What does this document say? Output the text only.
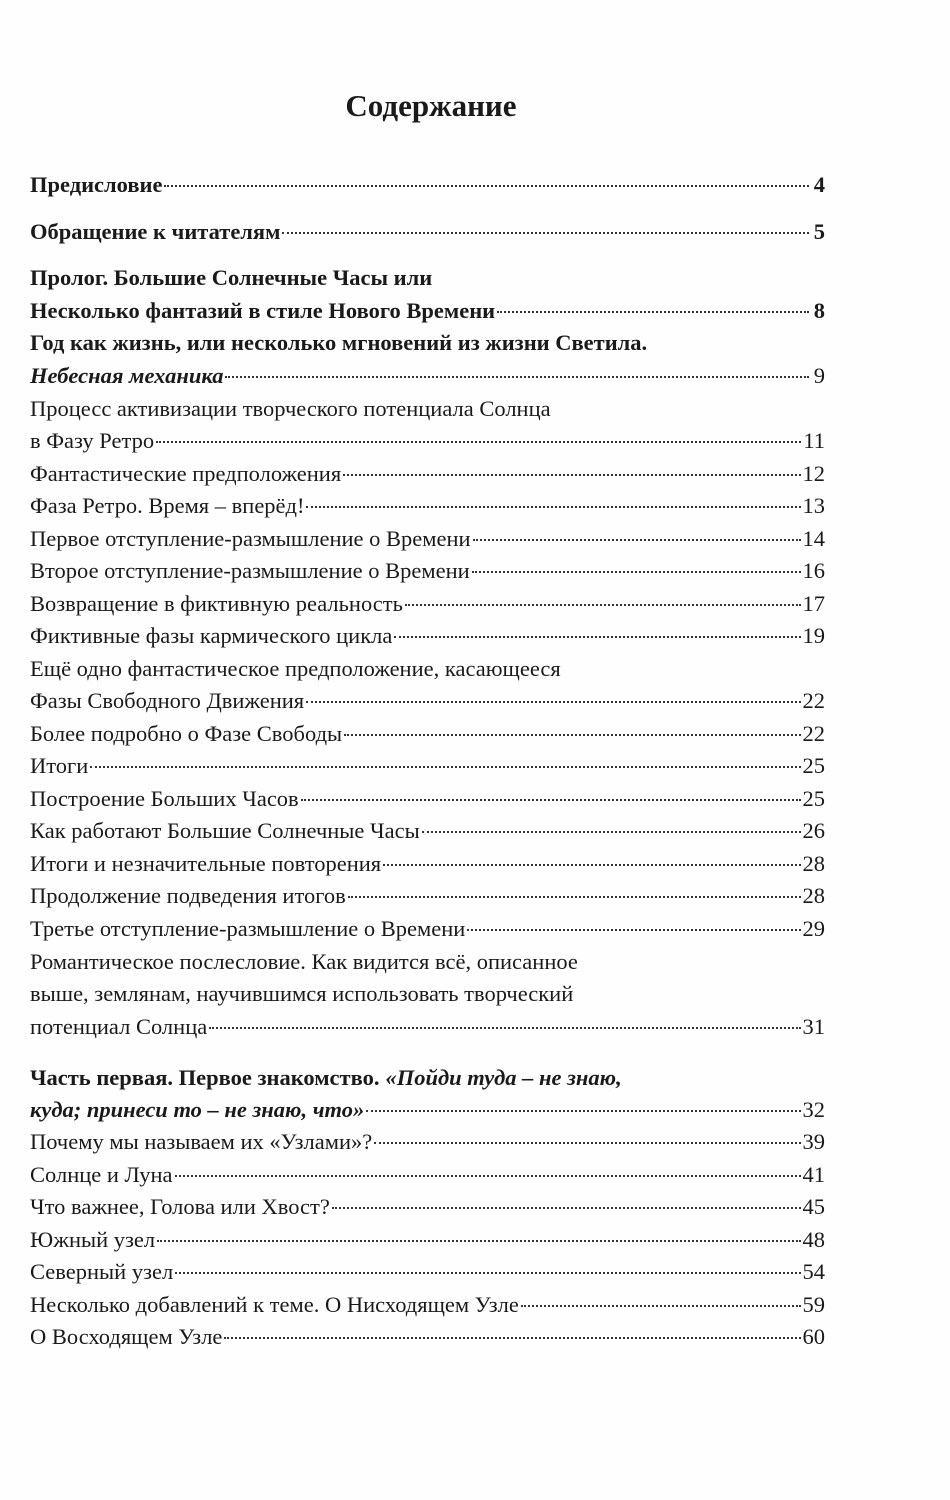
Содержание
Предисловие	4
Обращение к читателям	5
Пролог. Большие Солнечные Часы или
Несколько фантазий в стиле Нового Времени	8
Год как жизнь, или несколько мгновений из жизни Светила.
Небесная механика	9
Процесс активизации творческого потенциала Солнца
в Фазу Ретро	11
Фантастические предположения	12
Фаза Ретро. Время – вперёд!	13
Первое отступление-размышление о Времени	14
Второе отступление-размышление о Времени	16
Возвращение в фиктивную реальность	17
Фиктивные фазы кармического цикла	19
Ещё одно фантастическое предположение, касающееся
Фазы Свободного Движения	22
Более подробно о Фазе Свободы	22
Итоги	25
Построение Больших Часов	25
Как работают Большие Солнечные Часы	26
Итоги и незначительные повторения	28
Продолжение подведения итогов	28
Третье отступление-размышление о Времени	29
Романтическое послесловие. Как видится всё, описанное
выше, землянам, научившимся использовать творческий
потенциал Солнца	31
Часть первая. Первое знакомство. «Пойди туда – не знаю,
куда; принеси то – не знаю, что»	32
Почему мы называем их «Узлами»?	39
Солнце и Луна	41
Что важнее, Голова или Хвост?	45
Южный узел	48
Северный узел	54
Несколько добавлений к теме. О Нисходящем Узле	59
О Восходящем Узле	60
